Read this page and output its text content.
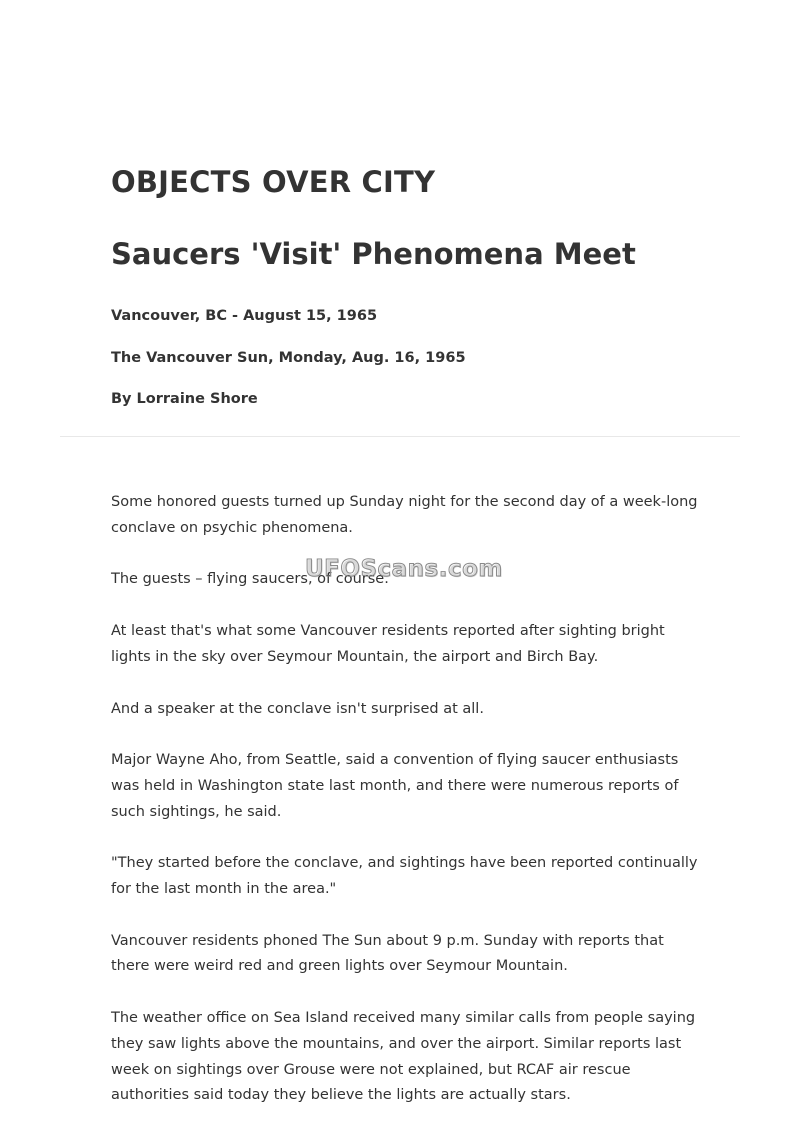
OBJECTS OVER CITY
Saucers 'Visit' Phenomena Meet

Vancouver, BC - August 15, 1965

The Vancouver Sun, Monday, Aug. 16, 1965

By Lorraine Shore

Some honored guests turned up Sunday night for the second day of a week-long conclave on psychic phenomena.

The guests – flying saucers, of course.

At least that's what some Vancouver residents reported after sighting bright lights in the sky over Seymour Mountain, the airport and Birch Bay.

And a speaker at the conclave isn't surprised at all.

Major Wayne Aho, from Seattle, said a convention of flying saucer enthusiasts was held in Washington state last month, and there were numerous reports of such sightings, he said.

"They started before the conclave, and sightings have been reported continually for the last month in the area."

Vancouver residents phoned The Sun about 9 p.m. Sunday with reports that there were weird red and green lights over Seymour Mountain.

The weather office on Sea Island received many similar calls from people saying they saw lights above the mountains, and over the airport. Similar reports last week on sightings over Grouse were not explained, but RCAF air rescue authorities said today they believe the lights are actually stars.

UFOScans.com
